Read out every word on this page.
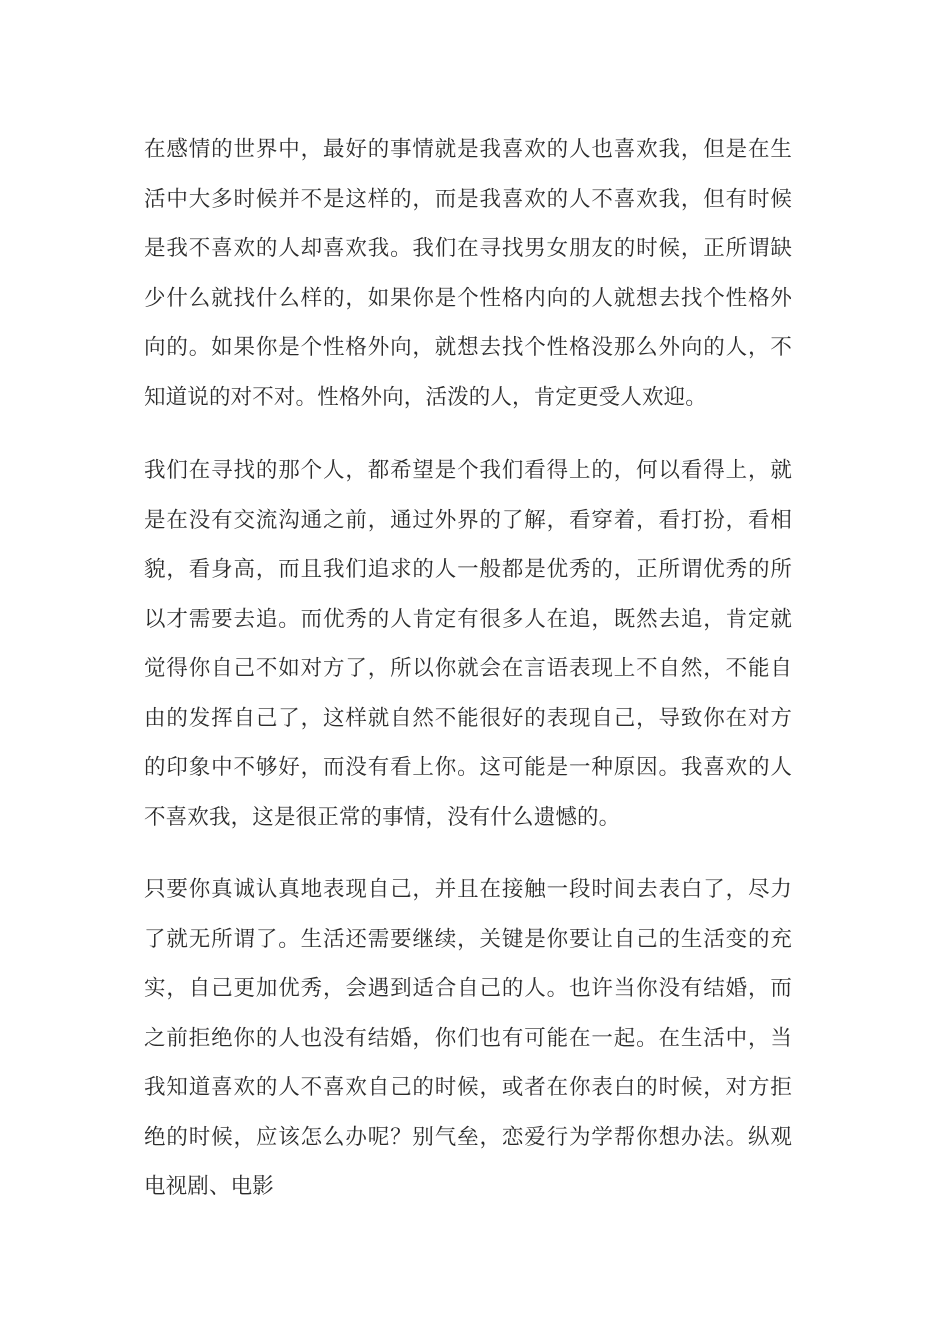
在感情的世界中，最好的事情就是我喜欢的人也喜欢我，但是在生活中大多时候并不是这样的，而是我喜欢的人不喜欢我，但有时候是我不喜欢的人却喜欢我。我们在寻找男女朋友的时候，正所谓缺少什么就找什么样的，如果你是个性格内向的人就想去找个性格外向的。如果你是个性格外向，就想去找个性格没那么外向的人，不知道说的对不对。性格外向，活泼的人，肯定更受人欢迎。

我们在寻找的那个人，都希望是个我们看得上的，何以看得上，就是在没有交流沟通之前，通过外界的了解，看穿着，看打扮，看相貌，看身高，而且我们追求的人一般都是优秀的，正所谓优秀的所以才需要去追。而优秀的人肯定有很多人在追，既然去追，肯定就觉得你自己不如对方了，所以你就会在言语表现上不自然，不能自由的发挥自己了，这样就自然不能很好的表现自己，导致你在对方的印象中不够好，而没有看上你。这可能是一种原因。我喜欢的人不喜欢我，这是很正常的事情，没有什么遗憾的。

只要你真诚认真地表现自己，并且在接触一段时间去表白了，尽力了就无所谓了。生活还需要继续，关键是你要让自己的生活变的充实，自己更加优秀，会遇到适合自己的人。也许当你没有结婚，而之前拒绝你的人也没有结婚，你们也有可能在一起。在生活中，当我知道喜欢的人不喜欢自己的时候，或者在你表白的时候，对方拒绝的时候，应该怎么办呢？别气垒，恋爱行为学帮你想办法。纵观电视剧、电影
